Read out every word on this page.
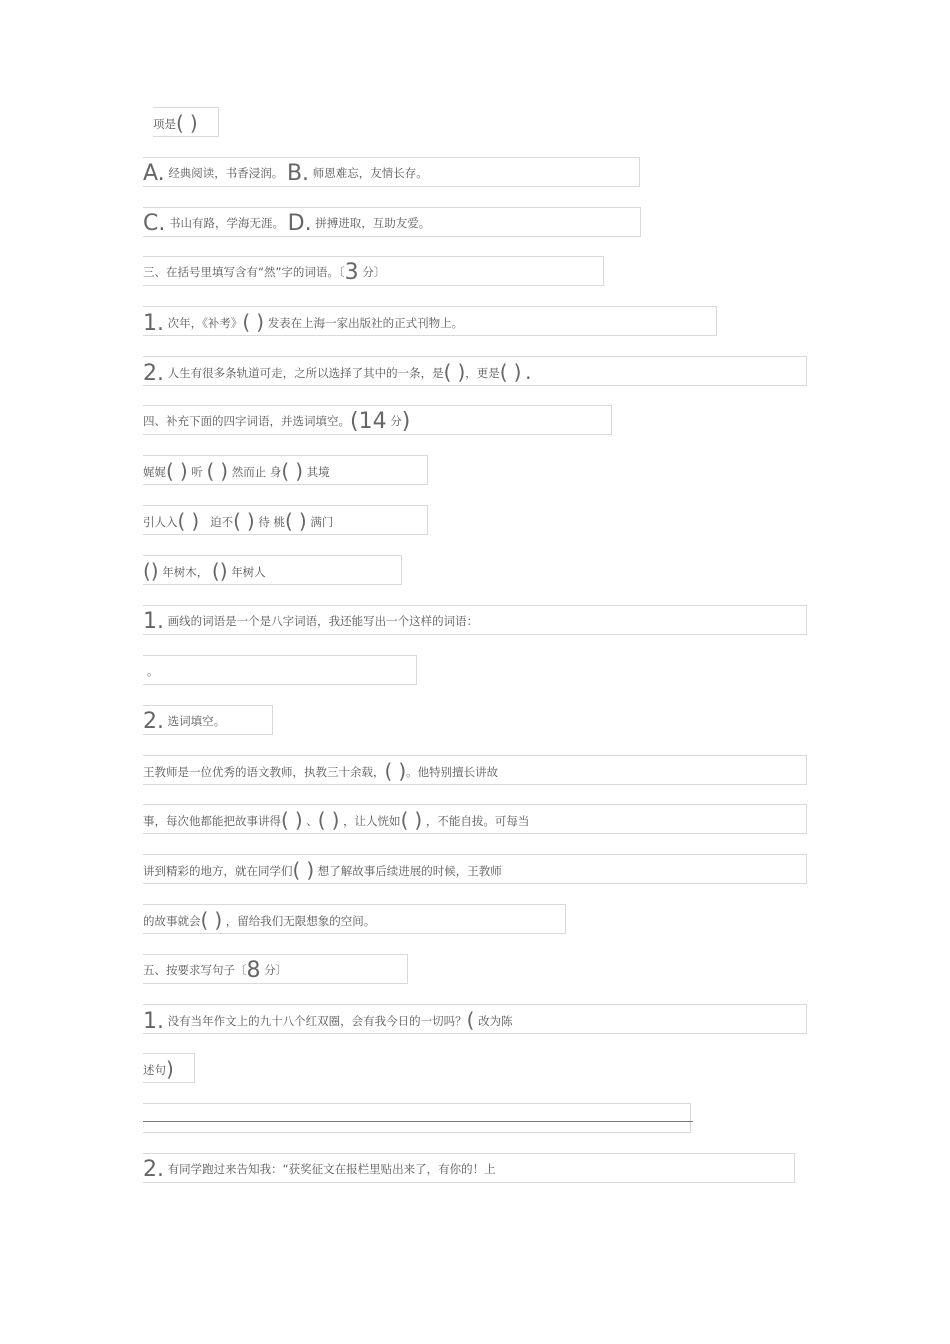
项是( )
A. 经典阅读，书香浸润。 B. 师恩难忘，友情长存。
C. 书山有路，学海无涯。 D. 拼搏进取，互助友爱。
三、在括号里填写含有“然”字的词语。〔3 分〕
1. 次年，《补考》( ) 发表在上海一家出版社的正式刊物上。
2. 人生有很多条轨道可走，之所以选择了其中的一条，是( )，更是( ) .
四、补充下面的四字词语，并选词填空。(14 分)
娓娓( ) 听 ( ) 然而止 身( ) 其境
引人入( ) 迫不( ) 待 桃( ) 满门
() 年树木， () 年树人
1. 画线的词语是一个是八字词语，我还能写出一个这样的词语：
。
2. 选词填空。
王教师是一位优秀的语文教师，执教三十余载，( )。他特别擅长讲故
事，每次他都能把故事讲得( ) 、( ) ，让人恍如( ) ，不能自拔。可每当
讲到精彩的地方，就在同学们( ) 想了解故事后续进展的时候，王教师
的故事就会( ) ，留给我们无限想象的空间。
五、按要求写句子〔8 分〕
1. 没有当年作文上的九十八个红双圈，会有我今日的一切吗？( 改为陈
述句)
2. 有同学跑过来告知我：“获奖征文在报栏里贴出来了，有你的！上
